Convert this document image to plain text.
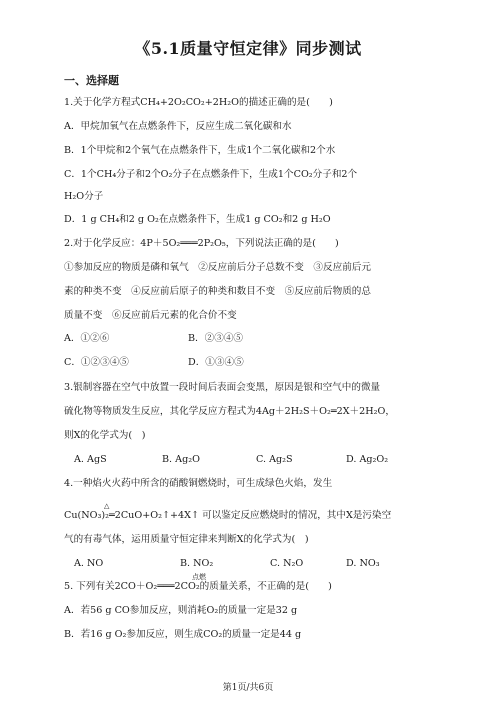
《5.1质量守恒定律》同步测试
一、选择题
1.关于化学方程式CH₄+2O₂CO₂+2H₂O的描述正确的是(　　)
A．甲烷加氧气在点燃条件下，反应生成二氧化碳和水
B．1个甲烷和2个氧气在点燃条件下，生成1个二氧化碳和2个水
C．1个CH₄分子和2个O₂分子在点燃条件下，生成1个CO₂分子和2个
H₂O分子
D．1 g CH₄和2 g O₂在点燃条件下，生成1 g CO₂和2 g H₂O
2.对于化学反应：4P＋5O₂═══2P₂O₅，下列说法正确的是(　　)
①参加反应的物质是磷和氧气　②反应前后分子总数不变　③反应前后元
素的种类不变　④反应前后原子的种类和数目不变　⑤反应前后物质的总
质量不变　⑥反应前后元素的化合价不变
A．①②⑥	B．②③④⑤
C．①②③④⑤	D．①③④⑤
3.银制容器在空气中放置一段时间后表面会变黑，原因是银和空气中的微量
硫化物等物质发生反应，其化学反应方程式为4Ag＋2H₂S＋O₂═2X＋2H₂O，
则X的化学式为(　)
A. AgS	B. Ag₂O	C. Ag₂S	D. Ag₂O₂
4.一种焰火火药中所含的硝酸铜燃烧时，可生成绿色火焰，发生
△
Cu(NO₃)₂═2CuO+O₂↑+4X↑ 可以鉴定反应燃烧时的情况，其中X是污染空
气的有毒气体，运用质量守恒定律来判断X的化学式为(　)
A. NO	B. NO₂	C. N₂O	D. NO₃
点燃
5. 下列有关2CO＋O₂═══2CO₂的质量关系，不正确的是(　　)
A．若56 g CO参加反应，则消耗O₂的质量一定是32 g
B．若16 g O₂参加反应，则生成CO₂的质量一定是44 g
第1页/共6页
